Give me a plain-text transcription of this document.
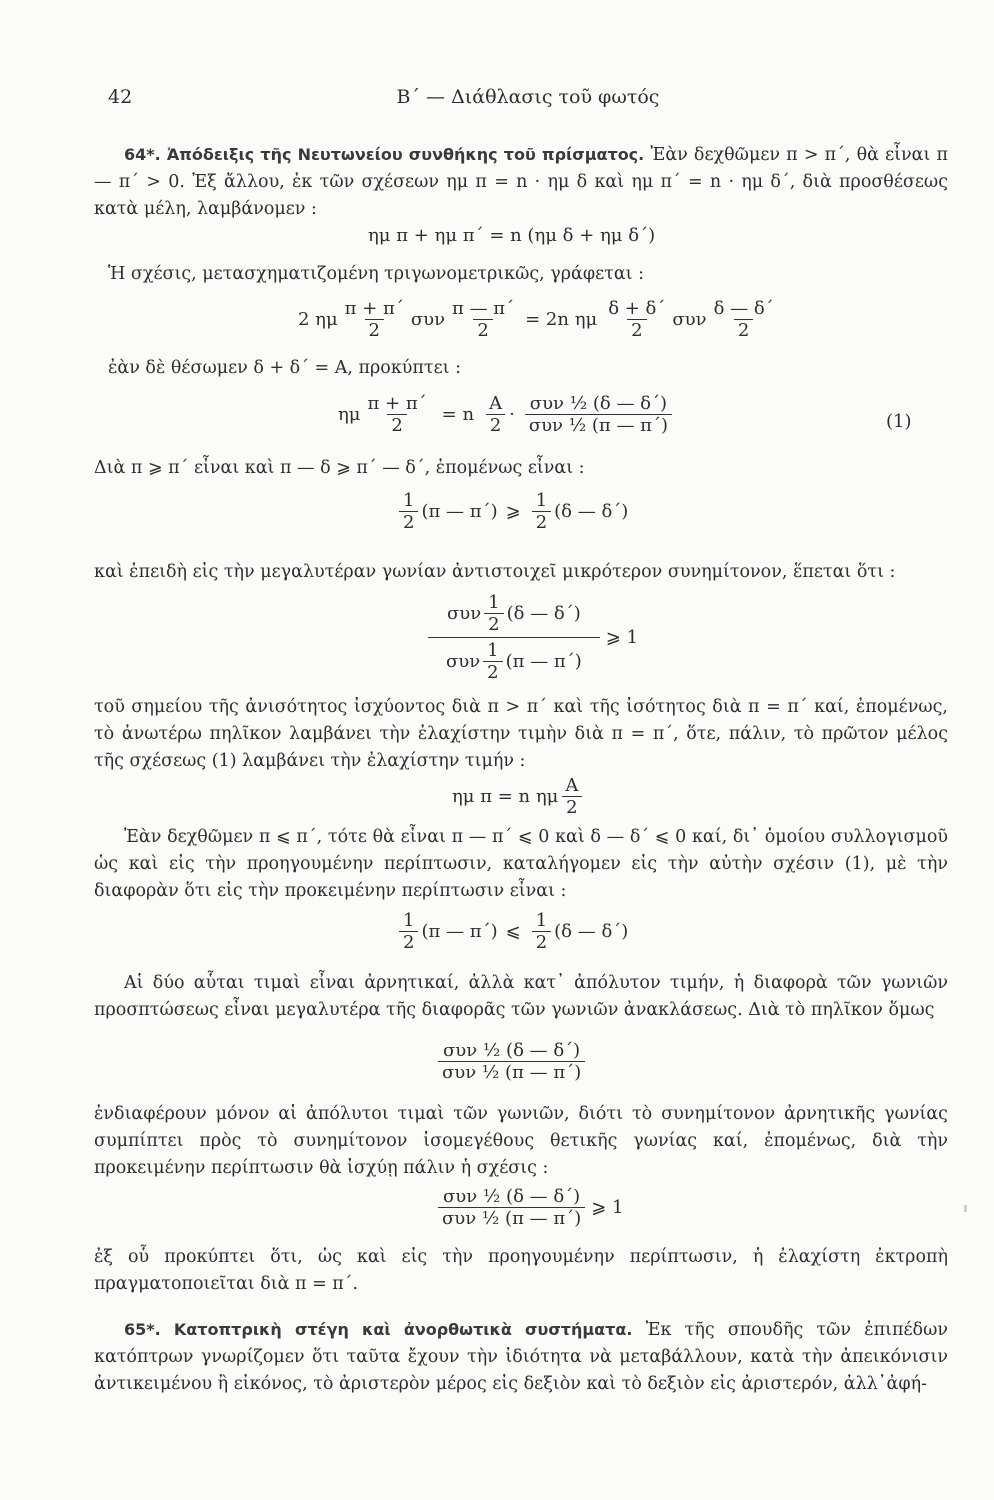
42	Β΄ — Διάθλασις τοῦ φωτός
64*. Ἀπόδειξις τῆς Νευτωνείου συνθήκης τοῦ πρίσματος. Ἐὰν δεχθῶμεν π > π΄, θὰ εἶναι π — π΄ > 0. Ἐξ ἄλλου, ἐκ τῶν σχέσεων ημ π = n · ημ δ καὶ ημ π΄ = n · ημ δ΄, διὰ προσθέσεως κατὰ μέλη, λαμβάνομεν :
ημ π + ημ π΄ = n (ημ δ + ημ δ΄)
Ἡ σχέσις, μετασχηματιζομένη τριγωνομετρικῶς, γράφεται :
2 ημ $\frac{\pi + \pi΄}{2}$ συν $\frac{\pi — \pi΄}{2} = 2n$ ημ $\frac{\delta + \delta΄}{2}$ συν $\frac{\delta — \delta΄}{2}$
ἐὰν δὲ θέσωμεν δ + δ΄ = A, προκύπτει :
ημ $\frac{\pi + \pi΄}{2} = n \frac{A}{2} \cdot \frac{\text{συν ½ (δ — δ΄)}}{\text{συν ½ (π — π΄)}}$	(1)
Διὰ π ⩾ π΄ εἶναι καὶ π — δ ⩾ π΄ — δ΄, ἐπομένως εἶναι :
$\frac{1}{2} (\pi$ — π΄) ⩾ $\frac{1}{2} (\delta$ — δ΄)
καὶ ἐπειδὴ εἰς τὴν μεγαλυτέραν γωνίαν ἀντιστοιχεῖ μικρότερον συνημίτονον, ἕπεται ὅτι :
$\frac{\sigma\upsilon\nu \frac{1}{2} (\delta — \delta΄)}{\sigma\upsilon\nu \frac{1}{2} (\pi — \pi΄)}$ ⩾ 1
τοῦ σημείου τῆς ἀνισότητος ἰσχύοντος διὰ π > π΄ καὶ τῆς ἰσότητος διὰ π = π΄ καί, ἐπομένως, τὸ ἀνωτέρω πηλῖκον λαμβάνει τὴν ἐλαχίστην τιμὴν διὰ π = π΄, ὅτε, πάλιν, τὸ πρῶτον μέλος τῆς σχέσεως (1) λαμβάνει τὴν ἐλαχίστην τιμήν :
ημ π = n ημ $\frac{A}{2}$
Ἐὰν δεχθῶμεν π ⩽ π΄, τότε θὰ εἶναι π — π΄ ⩽ 0 καὶ δ — δ΄ ⩽ 0 καί, δι᾿ ὁμοίου συλλογισμοῦ ὡς καὶ εἰς τὴν προηγουμένην περίπτωσιν, καταλήγομεν εἰς τὴν αὐτὴν σχέσιν (1), μὲ τὴν διαφορὰν ὅτι εἰς τὴν προκειμένην περίπτωσιν εἶναι :
$\frac{1}{2} (\pi$ — π΄) ⩽ $\frac{1}{2} (\delta$ — δ΄)
Αἱ δύο αὗται τιμαὶ εἶναι ἀρνητικαί, ἀλλὰ κατ᾿ ἀπόλυτον τιμήν, ἡ διαφορὰ τῶν γωνιῶν προσπτώσεως εἶναι μεγαλυτέρα τῆς διαφορᾶς τῶν γωνιῶν ἀνακλάσεως. Διὰ τὸ πηλῖκον ὅμως
$\frac{\text{συν ½ (δ — δ΄)}}{\text{συν ½ (π — π΄)}}$
ἐνδιαφέρουν μόνον αἱ ἀπόλυτοι τιμαὶ τῶν γωνιῶν, διότι τὸ συνημίτονον ἀρνητικῆς γωνίας συμπίπτει πρὸς τὸ συνημίτονον ἰσομεγέθους θετικῆς γωνίας καί, ἐπομένως, διὰ τὴν προκειμένην περίπτωσιν θὰ ἰσχύῃ πάλιν ἡ σχέσις :
$\frac{\text{συν ½ (δ — δ΄)}}{\text{συν ½ (π — π΄)}}$ ⩾ 1
ἐξ οὗ προκύπτει ὅτι, ὡς καὶ εἰς τὴν προηγουμένην περίπτωσιν, ἡ ἐλαχίστη ἐκτροπὴ πραγματοποιεῖται διὰ π = π΄.
65*. Κατοπτρικὴ στέγη καὶ ἀνορθωτικὰ συστήματα. Ἐκ τῆς σπουδῆς τῶν ἐπιπέδων κατόπτρων γνωρίζομεν ὅτι ταῦτα ἔχουν τὴν ἰδιότητα νὰ μεταβάλλουν, κατὰ τὴν ἀπεικόνισιν ἀντικειμένου ἢ εἰκόνος, τὸ ἀριστερὸν μέρος εἰς δεξιὸν καὶ τὸ δεξιὸν εἰς ἀριστερόν, ἀλλ᾿ἀφή-
